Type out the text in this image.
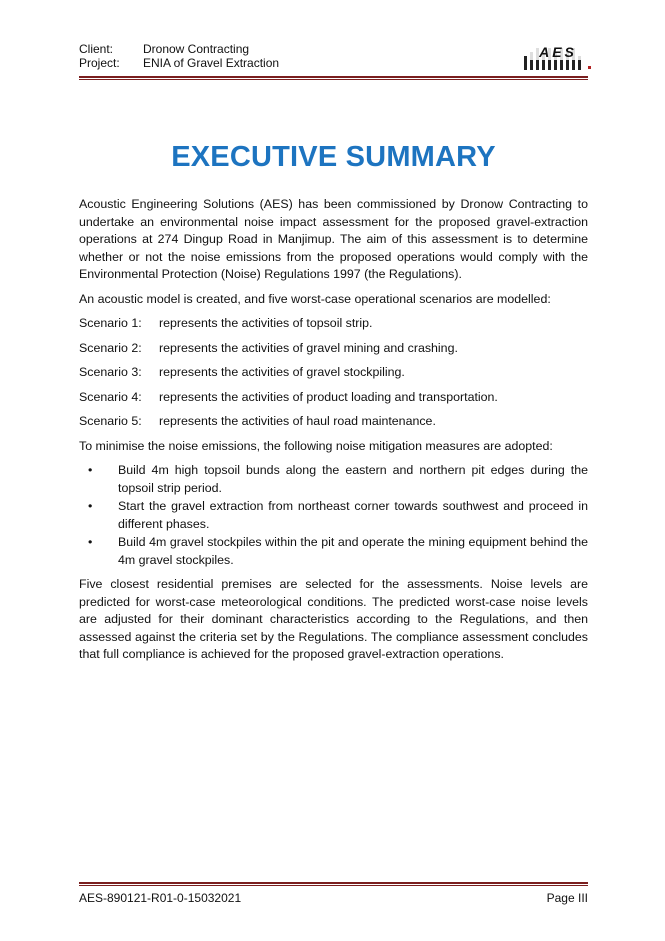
Client: Dronow Contracting
Project: ENIA of Gravel Extraction
AES
EXECUTIVE SUMMARY

Acoustic Engineering Solutions (AES) has been commissioned by Dronow Contracting to undertake an environmental noise impact assessment for the proposed gravel-extraction operations at 274 Dingup Road in Manjimup. The aim of this assessment is to determine whether or not the noise emissions from the proposed operations would comply with the Environmental Protection (Noise) Regulations 1997 (the Regulations).

An acoustic model is created, and five worst-case operational scenarios are modelled:

Scenario 1: represents the activities of topsoil strip.
Scenario 2: represents the activities of gravel mining and crashing.
Scenario 3: represents the activities of gravel stockpiling.
Scenario 4: represents the activities of product loading and transportation.
Scenario 5: represents the activities of haul road maintenance.

To minimise the noise emissions, the following noise mitigation measures are adopted:

• Build 4m high topsoil bunds along the eastern and northern pit edges during the topsoil strip period.
• Start the gravel extraction from northeast corner towards southwest and proceed in different phases.
• Build 4m gravel stockpiles within the pit and operate the mining equipment behind the 4m gravel stockpiles.

Five closest residential premises are selected for the assessments. Noise levels are predicted for worst-case meteorological conditions. The predicted worst-case noise levels are adjusted for their dominant characteristics according to the Regulations, and then assessed against the criteria set by the Regulations. The compliance assessment concludes that full compliance is achieved for the proposed gravel-extraction operations.

AES-890121-R01-0-15032021	Page III
